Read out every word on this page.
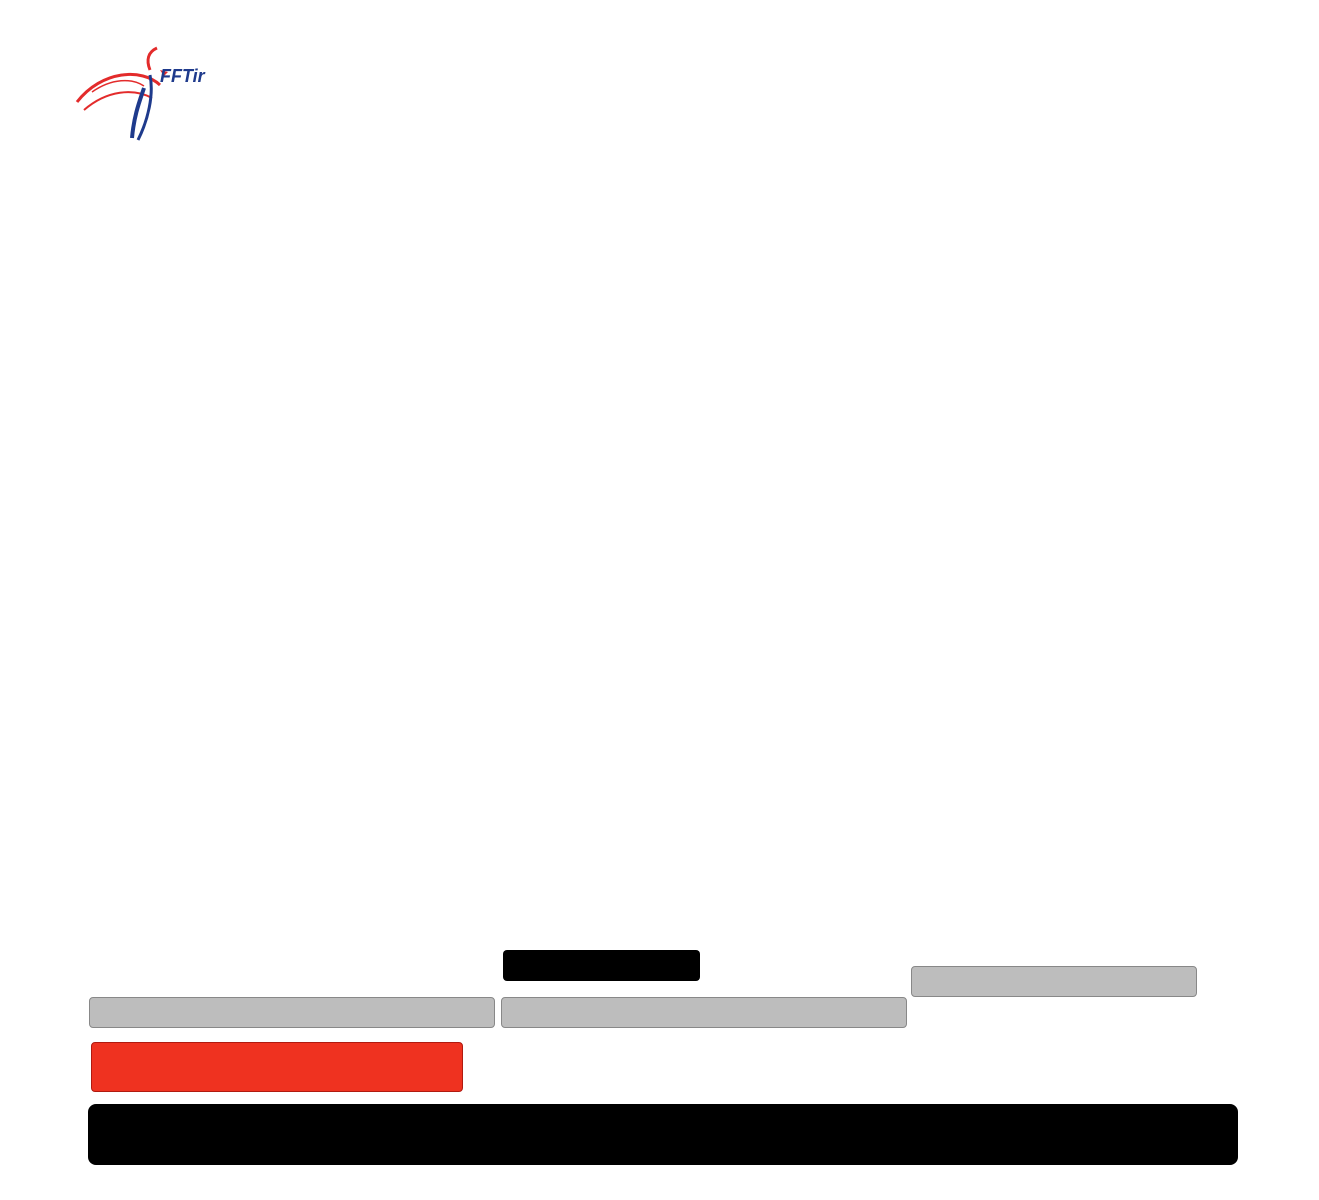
FFTir
